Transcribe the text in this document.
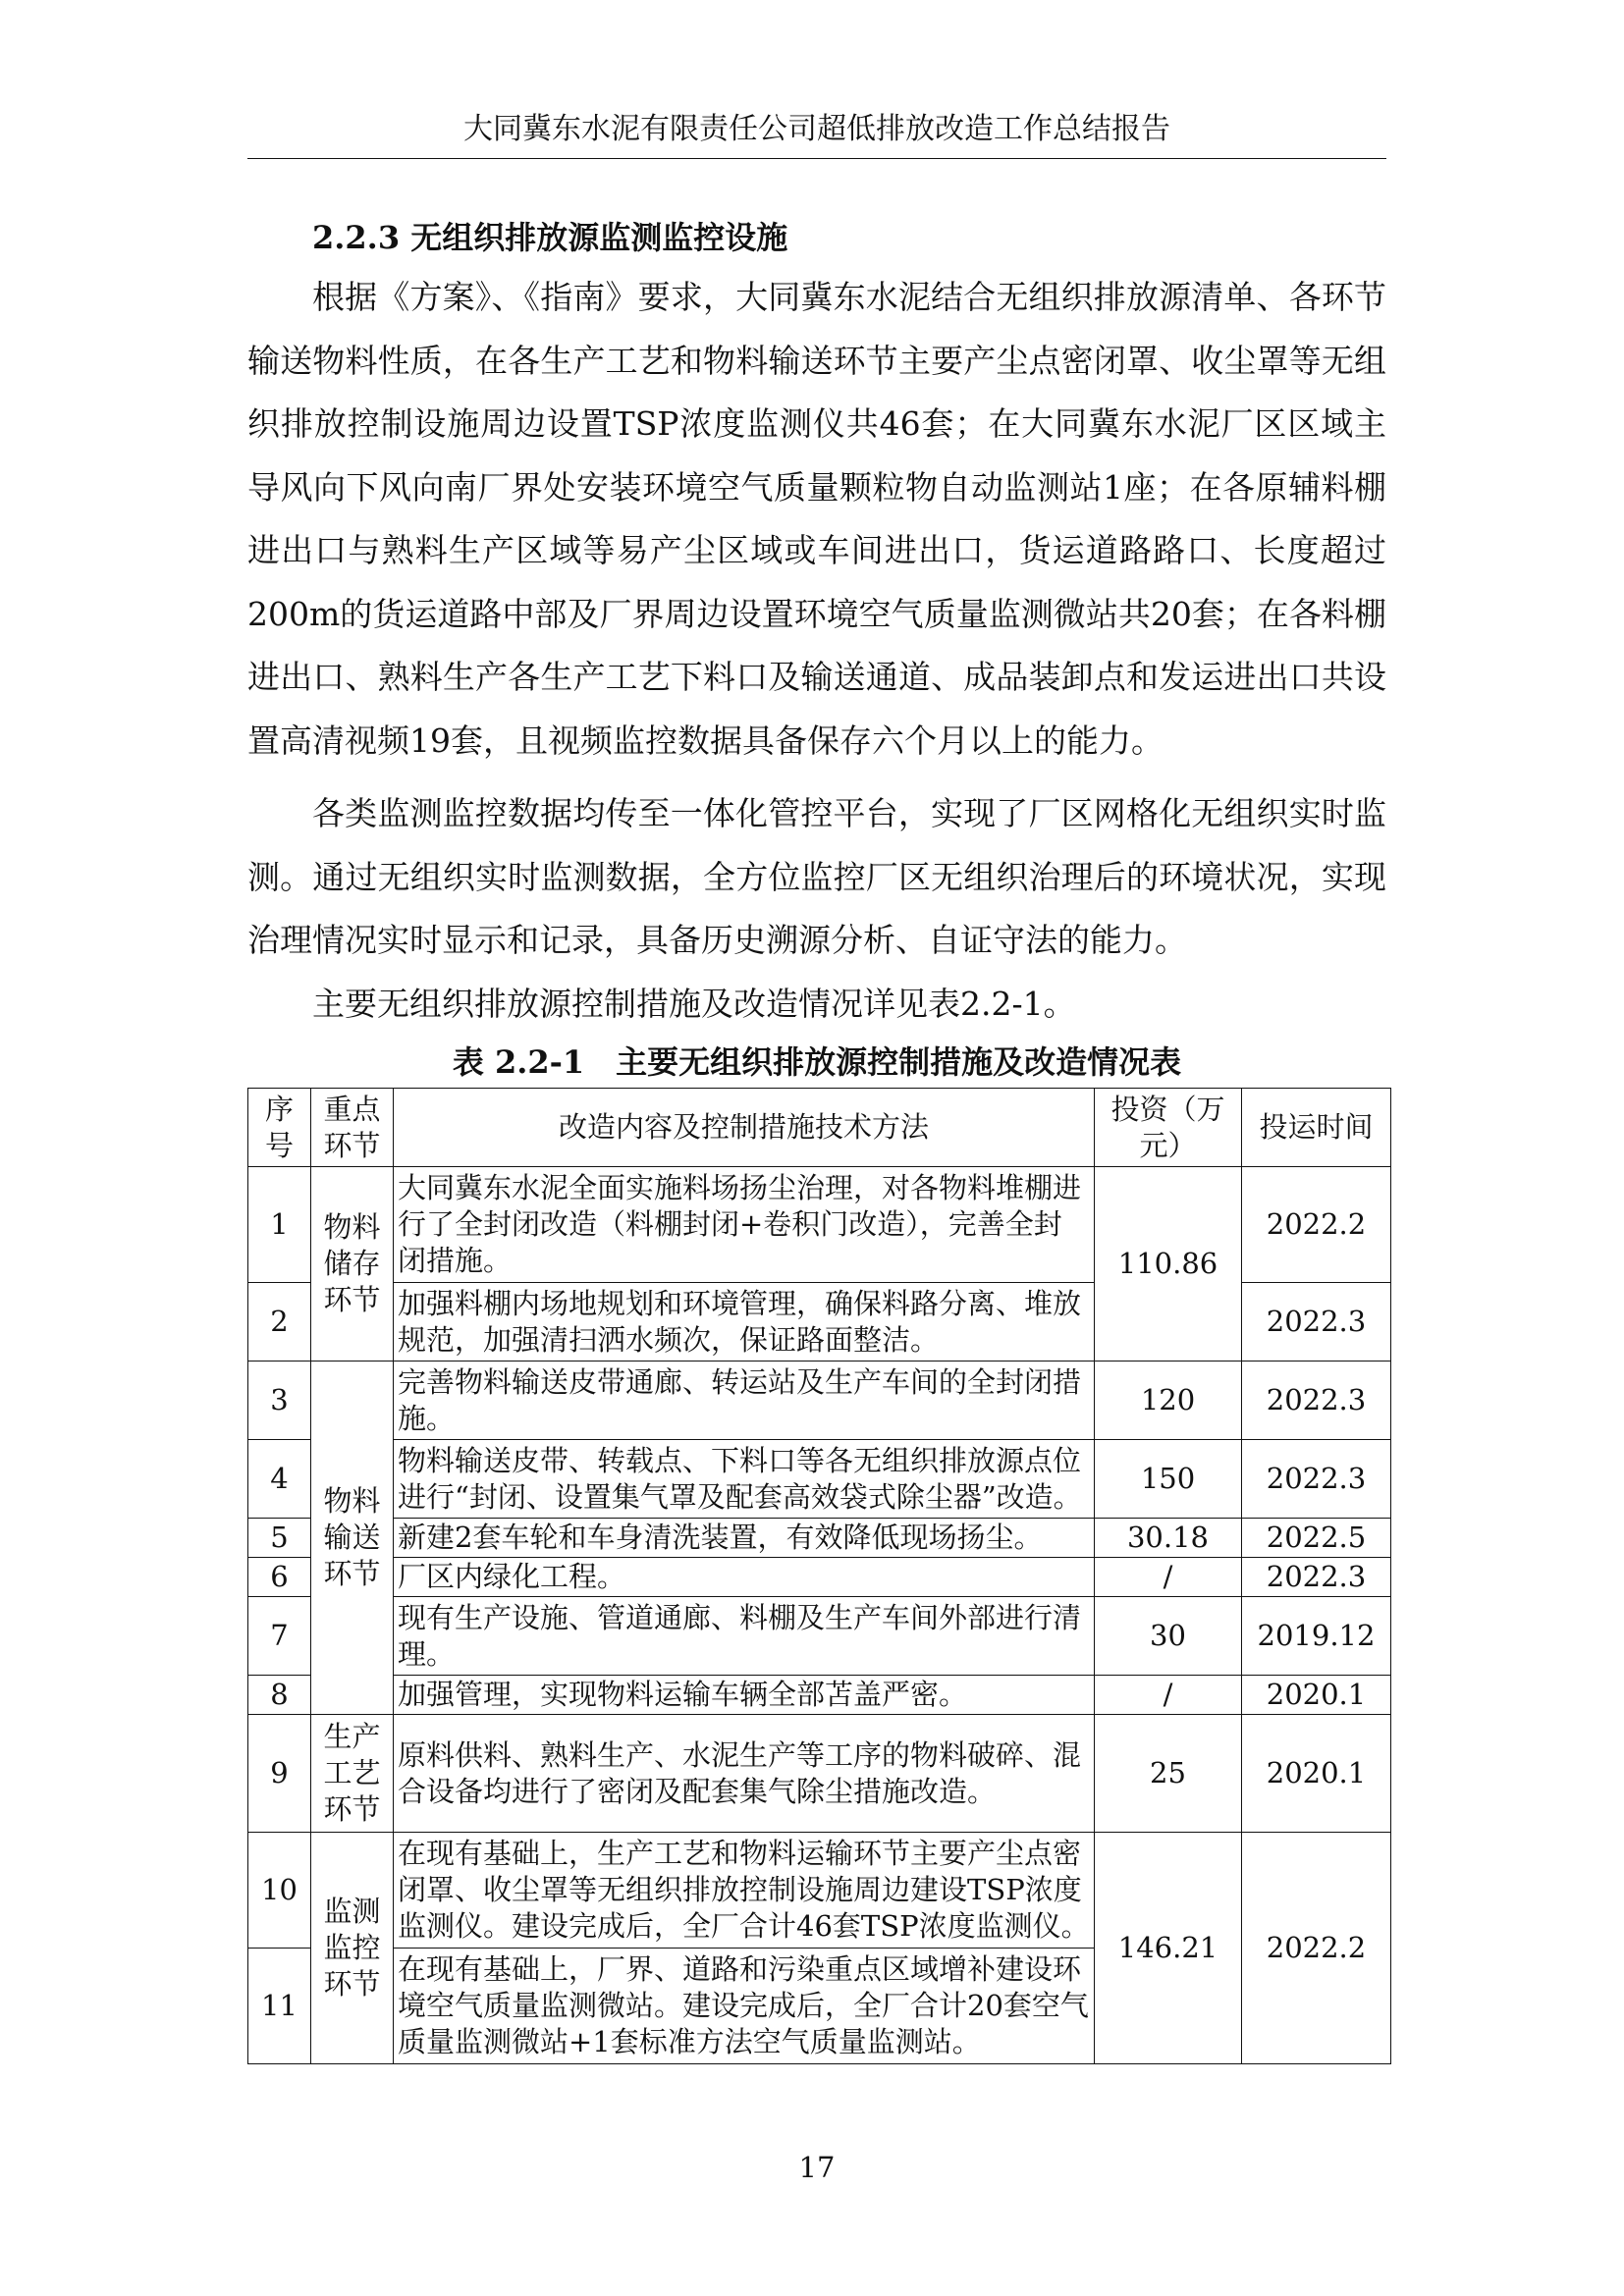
大同冀东水泥有限责任公司超低排放改造工作总结报告
2.2.3 无组织排放源监测监控设施

根据《方案》、《指南》要求，大同冀东水泥结合无组织排放源清单、各环节输送物料性质，在各生产工艺和物料输送环节主要产尘点密闭罩、收尘罩等无组织排放控制设施周边设置TSP浓度监测仪共46套；在大同冀东水泥厂区区域主导风向下风向南厂界处安装环境空气质量颗粒物自动监测站1座；在各原辅料棚进出口与熟料生产区域等易产尘区域或车间进出口，货运道路路口、长度超过200m的货运道路中部及厂界周边设置环境空气质量监测微站共20套；在各料棚进出口、熟料生产各生产工艺下料口及输送通道、成品装卸点和发运进出口共设置高清视频19套，且视频监控数据具备保存六个月以上的能力。

各类监测监控数据均传至一体化管控平台，实现了厂区网格化无组织实时监测。通过无组织实时监测数据，全方位监控厂区无组织治理后的环境状况，实现治理情况实时显示和记录，具备历史溯源分析、自证守法的能力。

主要无组织排放源控制措施及改造情况详见表2.2-1。

表 2.2-1　主要无组织排放源控制措施及改造情况表
序号	重点环节	改造内容及控制措施技术方法	投资（万元）	投运时间
1	物料储存环节	大同冀东水泥全面实施料场扬尘治理，对各物料堆棚进行了全封闭改造（料棚封闭+卷积门改造），完善全封闭措施。	110.86	2022.2
2		加强料棚内场地规划和环境管理，确保料路分离、堆放规范，加强清扫洒水频次，保证路面整洁。		2022.3
3	物料输送环节	完善物料输送皮带通廊、转运站及生产车间的全封闭措施。	120	2022.3
4		物料输送皮带、转载点、下料口等各无组织排放源点位进行“封闭、设置集气罩及配套高效袋式除尘器”改造。	150	2022.3
5		新建2套车轮和车身清洗装置，有效降低现场扬尘。	30.18	2022.5
6		厂区内绿化工程。	/	2022.3
7		现有生产设施、管道通廊、料棚及生产车间外部进行清理。	30	2019.12
8		加强管理，实现物料运输车辆全部苫盖严密。	/	2020.1
9	生产工艺环节	原料供料、熟料生产、水泥生产等工序的物料破碎、混合设备均进行了密闭及配套集气除尘措施改造。	25	2020.1
10	监测监控环节	在现有基础上，生产工艺和物料运输环节主要产尘点密闭罩、收尘罩等无组织排放控制设施周边建设TSP浓度监测仪。建设完成后，全厂合计46套TSP浓度监测仪。	146.21	2022.2
11		在现有基础上，厂界、道路和污染重点区域增补建设环境空气质量监测微站。建设完成后，全厂合计20套空气质量监测微站+1套标准方法空气质量监测站。		
17
